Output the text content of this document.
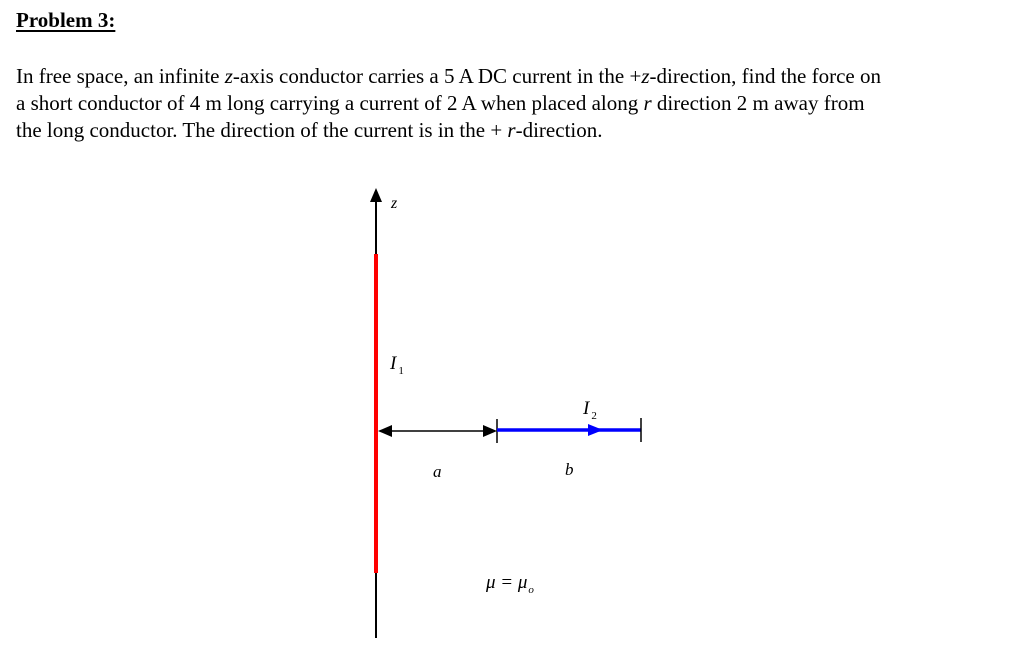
Problem 3:

In free space, an infinite z-axis conductor carries a 5 A DC current in the +z-direction, find the force on
a short conductor of 4 m long carrying a current of 2 A when placed along r direction 2 m away from
the long conductor. The direction of the current is in the + r-direction.

z
I $_1$
I $_2$
a	b
$\mu = \mu_o$
